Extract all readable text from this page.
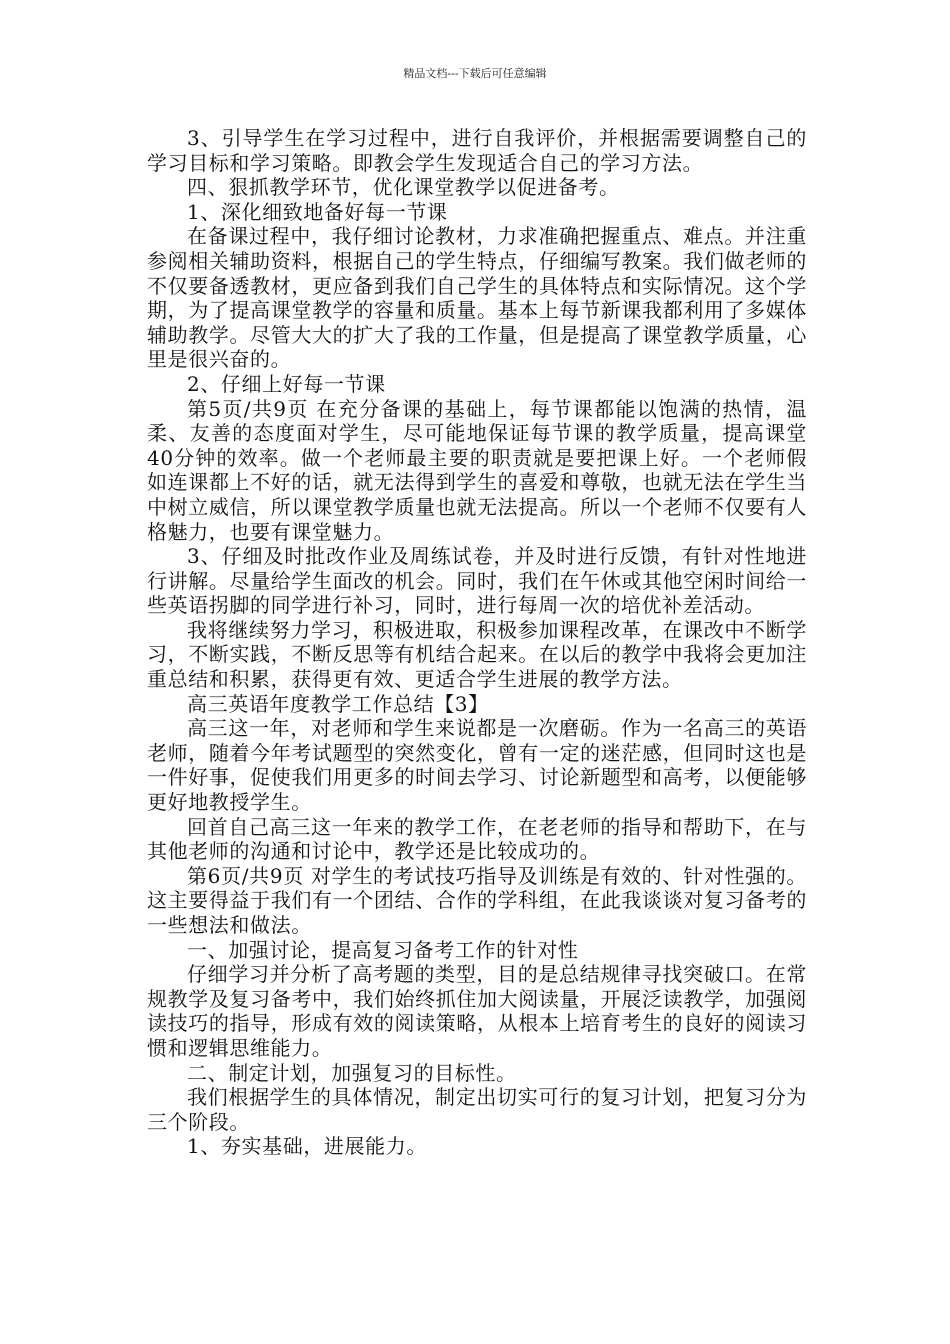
精品文档---下载后可任意编辑

3、引导学生在学习过程中，进行自我评价，并根据需要调整自己的学习目标和学习策略。即教会学生发现适合自己的学习方法。

四、狠抓教学环节，优化课堂教学以促进备考。

1、深化细致地备好每一节课

在备课过程中，我仔细讨论教材，力求准确把握重点、难点。并注重参阅相关辅助资料，根据自己的学生特点，仔细编写教案。我们做老师的不仅要备透教材，更应备到我们自己学生的具体特点和实际情况。这个学期，为了提高课堂教学的容量和质量。基本上每节新课我都利用了多媒体辅助教学。尽管大大的扩大了我的工作量，但是提高了课堂教学质量，心里是很兴奋的。

2、仔细上好每一节课

第5页/共9页 在充分备课的基础上，每节课都能以饱满的热情，温柔、友善的态度面对学生，尽可能地保证每节课的教学质量，提高课堂40分钟的效率。做一个老师最主要的职责就是要把课上好。一个老师假如连课都上不好的话，就无法得到学生的喜爱和尊敬，也就无法在学生当中树立威信，所以课堂教学质量也就无法提高。所以一个老师不仅要有人格魅力，也要有课堂魅力。

3、仔细及时批改作业及周练试卷，并及时进行反馈，有针对性地进行讲解。尽量给学生面改的机会。同时，我们在午休或其他空闲时间给一些英语拐脚的同学进行补习，同时，进行每周一次的培优补差活动。

我将继续努力学习，积极进取，积极参加课程改革，在课改中不断学习，不断实践，不断反思等有机结合起来。在以后的教学中我将会更加注重总结和积累，获得更有效、更适合学生进展的教学方法。

高三英语年度教学工作总结【3】

高三这一年，对老师和学生来说都是一次磨砺。作为一名高三的英语老师，随着今年考试题型的突然变化，曾有一定的迷茫感，但同时这也是一件好事，促使我们用更多的时间去学习、讨论新题型和高考，以便能够更好地教授学生。

回首自己高三这一年来的教学工作，在老老师的指导和帮助下，在与其他老师的沟通和讨论中，教学还是比较成功的。

第6页/共9页 对学生的考试技巧指导及训练是有效的、针对性强的。这主要得益于我们有一个团结、合作的学科组，在此我谈谈对复习备考的一些想法和做法。

一、加强讨论，提高复习备考工作的针对性

仔细学习并分析了高考题的类型，目的是总结规律寻找突破口。在常规教学及复习备考中，我们始终抓住加大阅读量，开展泛读教学，加强阅读技巧的指导，形成有效的阅读策略，从根本上培育考生的良好的阅读习惯和逻辑思维能力。

二、制定计划，加强复习的目标性。

我们根据学生的具体情况，制定出切实可行的复习计划，把复习分为三个阶段。

1、夯实基础，进展能力。
